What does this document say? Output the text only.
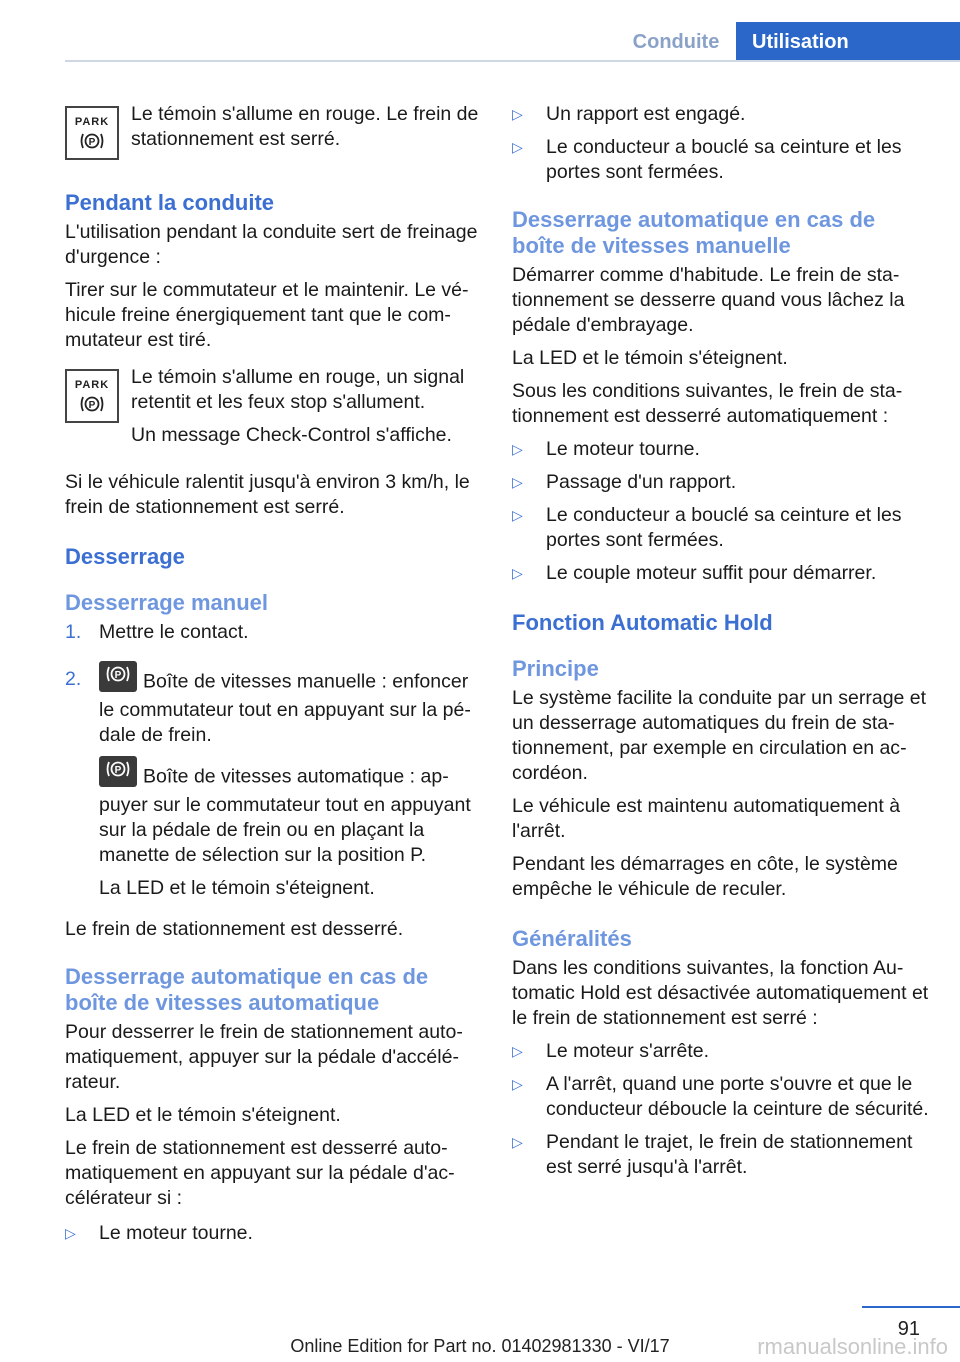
Conduite	Utilisation
PARK
P

Le témoin s'allume en rouge. Le frein de stationnement est serré.

Pendant la conduite

L'utilisation pendant la conduite sert de freinage d'urgence :

Tirer sur le commutateur et le maintenir. Le véhicule freine énergiquement tant que le commutateur est tiré.

PARK
P

Le témoin s'allume en rouge, un signal retentit et les feux stop s'allument.

Un message Check-Control s'affiche.

Si le véhicule ralentit jusqu'à environ 3 km/h, le frein de stationnement est serré.

Desserrage
Desserrage manuel
1. Mettre le contact.

2.	P Boîte de vitesses manuelle : enfoncer le commutateur tout en appuyant sur la pédale de frein.

P Boîte de vitesses automatique : appuyer sur le commutateur tout en appuyant sur la pédale de frein ou en plaçant la manette de sélection sur la position P.

La LED et le témoin s'éteignent.

Le frein de stationnement est desserré.

Desserrage automatique en cas de boîte de vitesses automatique

Pour desserrer le frein de stationnement automatiquement, appuyer sur la pédale d'accélérateur.

La LED et le témoin s'éteignent.

Le frein de stationnement est desserré automatiquement en appuyant sur la pédale d'accélérateur si :

▷	Le moteur tourne.
▷	Un rapport est engagé.
▷	Le conducteur a bouclé sa ceinture et les portes sont fermées.
Desserrage automatique en cas de boîte de vitesses manuelle

Démarrer comme d'habitude. Le frein de stationnement se desserre quand vous lâchez la pédale d'embrayage.

La LED et le témoin s'éteignent.

Sous les conditions suivantes, le frein de stationnement est desserré automatiquement :

▷	Le moteur tourne.
▷	Passage d'un rapport.
▷	Le conducteur a bouclé sa ceinture et les portes sont fermées.
▷	Le couple moteur suffit pour démarrer.
Fonction Automatic Hold
Principe

Le système facilite la conduite par un serrage et un desserrage automatiques du frein de stationnement, par exemple en circulation en accordéon.

Le véhicule est maintenu automatiquement à l'arrêt.

Pendant les démarrages en côte, le système empêche le véhicule de reculer.

Généralités

Dans les conditions suivantes, la fonction Automatic Hold est désactivée automatiquement et le frein de stationnement est serré :

▷	Le moteur s'arrête.
▷	A l'arrêt, quand une porte s'ouvre et que le conducteur déboucle la ceinture de sécurité.
▷	Pendant le trajet, le frein de stationnement est serré jusqu'à l'arrêt.
91
Online Edition for Part no. 01402981330 - VI/17	rmanualsonline.info
